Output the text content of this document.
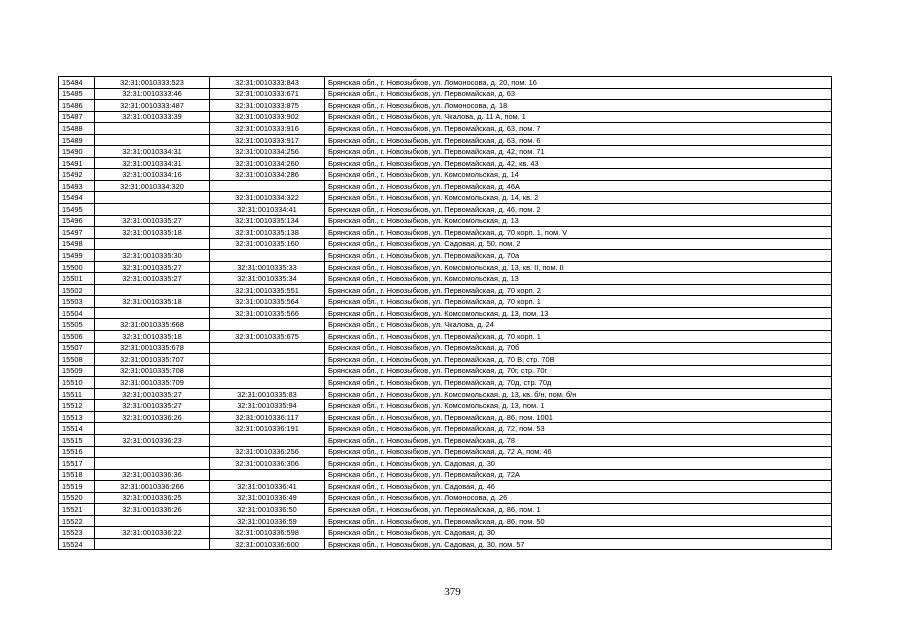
15484	32:31:0010333:523	32:31:0010333:843	Брянская обл., г. Новозыбков, ул. Ломоносова, д. 20, пом. 16
15485	32:31:0010333:46	32:31:0010333:671	Брянская обл., г. Новозыбков, ул. Первомайская, д. 63
15486	32:31:0010333:487	32:31:0010333:875	Брянская обл., г. Новозыбков, ул. Ломоносова, д. 18
15487	32:31:0010333:39	32:31:0010333:902	Брянская обл., г. Новозыбков, ул. Чкалова, д. 11 А, пом. 1
15488		32:31:0010333:916	Брянская обл., г. Новозыбков, ул. Первомайская, д. 63, пом. 7
15489		32:31:0010333:917	Брянская обл., г. Новозыбков, ул. Первомайская, д. 63, пом. 6
15490	32:31:0010334:31	32:31:0010334:256	Брянская обл., г. Новозыбков, ул. Первомайская, д. 42, пом. 71
15491	32:31:0010334:31	32:31:0010334:260	Брянская обл., г. Новозыбков, ул. Первомайская, д. 42, кв. 43
15492	32:31:0010334:16	32:31:0010334:286	Брянская обл., г. Новозыбков, ул. Комсомольская, д. 14
15493	32:31:0010334:320		Брянская обл., г. Новозыбков, ул. Первомайская, д. 46А
15494		32:31:0010334:322	Брянская обл., г. Новозыбков, ул. Комсомольская, д. 14, кв. 2
15495		32:31:0010334:41	Брянская обл., г. Новозыбков, ул. Первомайская, д. 46, пом. 2
15496	32:31:0010335:27	32:31:0010335:134	Брянская обл., г. Новозыбков, ул. Комсомольская, д. 13
15497	32:31:0010335:18	32:31:0010335:138	Брянская обл., г. Новозыбков, ул. Первомайская, д. 70 корп. 1, пом. V
15498		32:31:0010335:160	Брянская обл., г. Новозыбков, ул. Садовая, д. 50, пом. 2
15499	32:31:0010335:30		Брянская обл., г. Новозыбков, ул. Первомайская, д. 70а
15500	32:31:0010335:27	32:31:0010335:33	Брянская обл., г. Новозыбков, ул. Комсомольская, д. 13, кв. II, пом. II
15501	32:31:0010335:27	32:31:0010335:34	Брянская обл., г. Новозыбков, ул. Комсомольская, д. 13
15502		32:31:0010335:551	Брянская обл., г. Новозыбков, ул. Первомайская, д. 70 корп. 2
15503	32:31:0010335:18	32:31:0010335:564	Брянская обл., г. Новозыбков, ул. Первомайская, д. 70 корп. 1
15504		32:31:0010335:566	Брянская обл., г. Новозыбков, ул. Комсомольская, д. 13, пом. 13
15505	32:31:0010335:668		Брянская обл., г. Новозыбков, ул. Чкалова, д. 24
15506	32:31:0010335:18	32:31:0010335:675	Брянская обл., г. Новозыбков, ул. Первомайская, д. 70 корп. 1
15507	32:31:0010335:678		Брянская обл., г. Новозыбков, ул. Первомайская, д. 70б
15508	32:31:0010335:707		Брянская обл., г. Новозыбков, ул. Первомайская, д. 70 В, стр. 70В
15509	32:31:0010335:708		Брянская обл., г. Новозыбков, ул. Первомайская, д. 70г, стр. 70г
15510	32:31:0010335:709		Брянская обл., г. Новозыбков, ул. Первомайская, д. 70д, стр. 70д
15511	32:31:0010335:27	32:31:0010335:83	Брянская обл., г. Новозыбков, ул. Комсомольская, д. 13, кв. б/н, пом. б/н
15512	32:31:0010335:27	32:31:0010335:94	Брянская обл., г. Новозыбков, ул. Комсомольская, д. 13, пом. 1
15513	32:31:0010336:26	32:31:0010336:117	Брянская обл., г. Новозыбков, ул. Первомайская, д. 86, пом. 1001
15514		32:31:0010336:191	Брянская обл., г. Новозыбков, ул. Первомайская, д. 72, пом. 53
15515	32:31:0010336:23		Брянская обл., г. Новозыбков, ул. Первомайская, д. 78
15516		32:31:0010336:256	Брянская обл., г. Новозыбков, ул. Первомайская, д. 72 А, пом. 46
15517		32:31:0010336:306	Брянская обл., г. Новозыбков, ул. Садовая, д. 30
15518	32:31:0010336:36		Брянская обл., г. Новозыбков, ул. Первомайская, д. 72А
15519	32:31:0010336:266	32:31:0010336:41	Брянская обл., г. Новозыбков, ул. Садовая, д. 46
15520	32:31:0010336:25	32:31:0010336:49	Брянская обл., г. Новозыбков, ул. Ломоносова, д. 26
15521	32:31:0010336:26	32:31:0010336:50	Брянская обл., г. Новозыбков, ул. Первомайская, д. 86, пом. 1
15522		32:31:0010336:59	Брянская обл., г. Новозыбков, ул. Первомайская, д. 86, пом. 50
15523	32:31:0010336:22	32:31:0010336:598	Брянская обл., г. Новозыбков, ул. Садовая, д. 30
15524		32:31:0010336:600	Брянская обл., г. Новозыбков, ул. Садовая, д. 30, пом. 57
379
